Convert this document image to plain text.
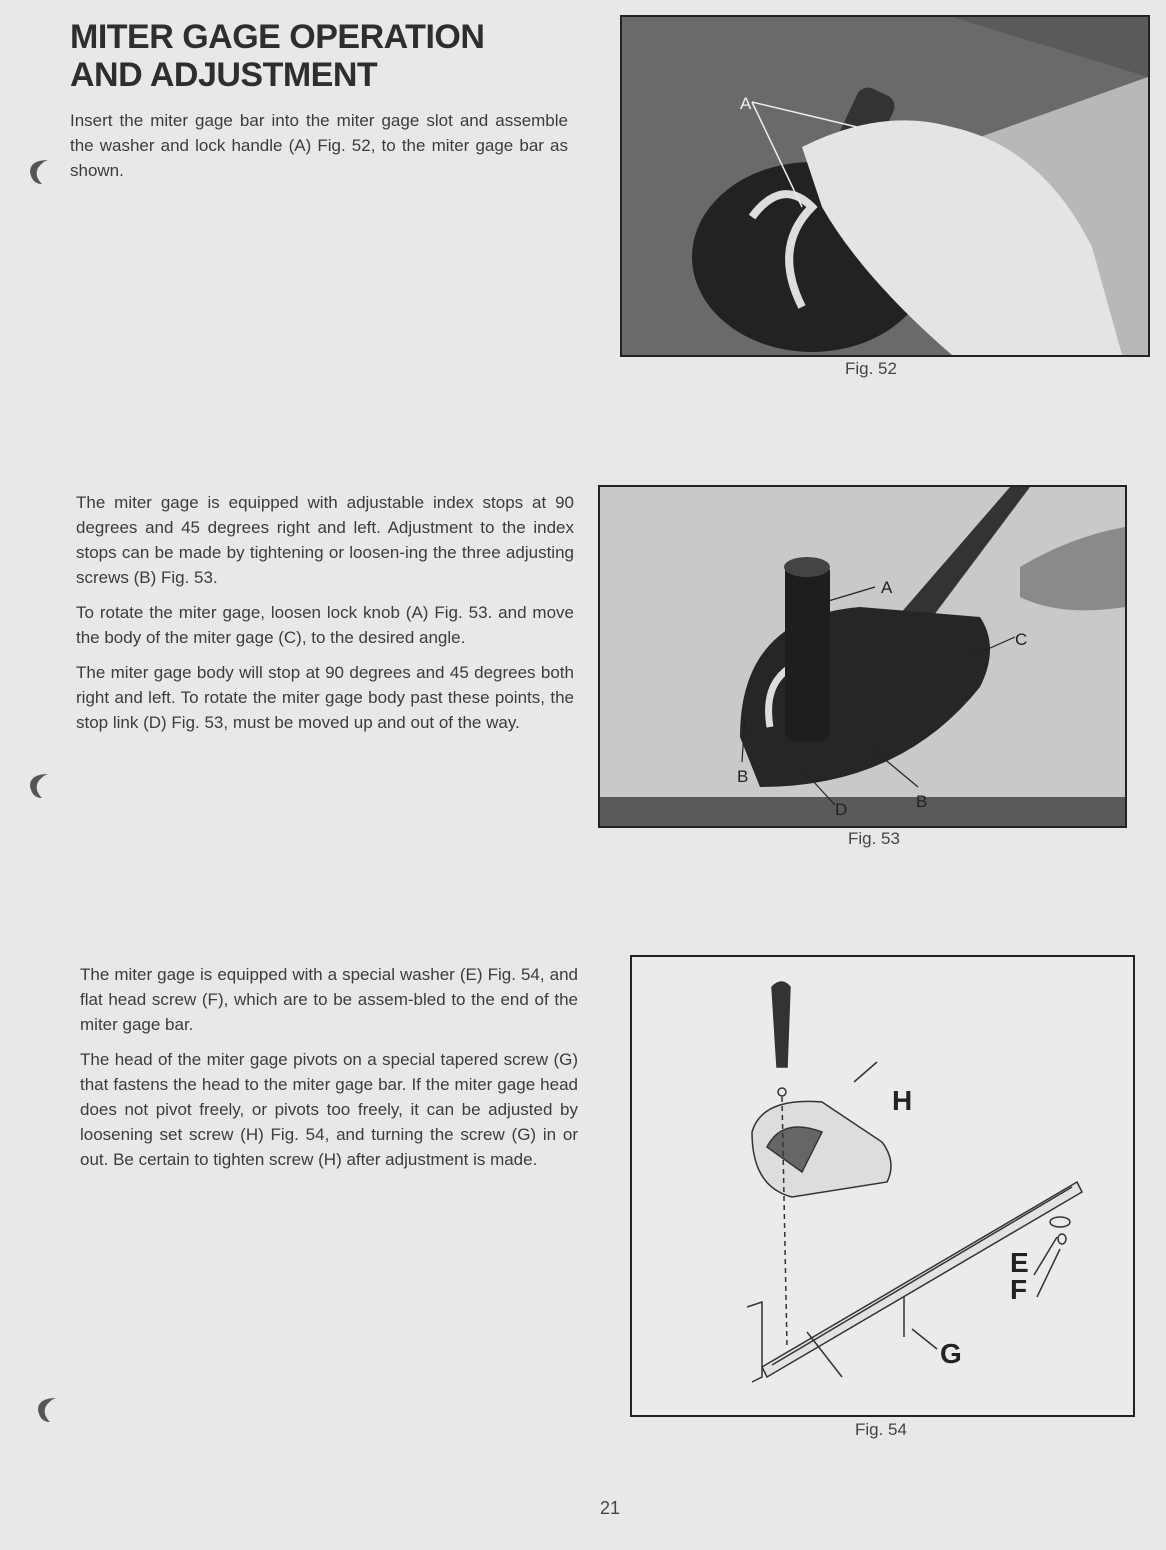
MITER GAGE OPERATION
AND ADJUSTMENT

Insert the miter gage bar into the miter gage slot and assemble the washer and lock handle (A) Fig. 52, to the miter gage bar as shown.

The miter gage is equipped with adjustable index stops at 90 degrees and 45 degrees right and left. Adjustment to the index stops can be made by tightening or loosen-ing the three adjusting screws (B) Fig. 53.

To rotate the miter gage, loosen lock knob (A) Fig. 53. and move the body of the miter gage (C), to the desired angle.

The miter gage body will stop at 90 degrees and 45 degrees both right and left. To rotate the miter gage body past these points, the stop link (D) Fig. 53, must be moved up and out of the way.

The miter gage is equipped with a special washer (E) Fig. 54, and flat head screw (F), which are to be assem-bled to the end of the miter gage bar.

The head of the miter gage pivots on a special tapered screw (G) that fastens the head to the miter gage bar. If the miter gage head does not pivot freely, or pivots too freely, it can be adjusted by loosening set screw (H) Fig. 54, and turning the screw (G) in or out. Be certain to tighten screw (H) after adjustment is made.

A
Fig. 52
A
C
B
B
D
Fig. 53
H
E
F
G
Fig. 54
21
